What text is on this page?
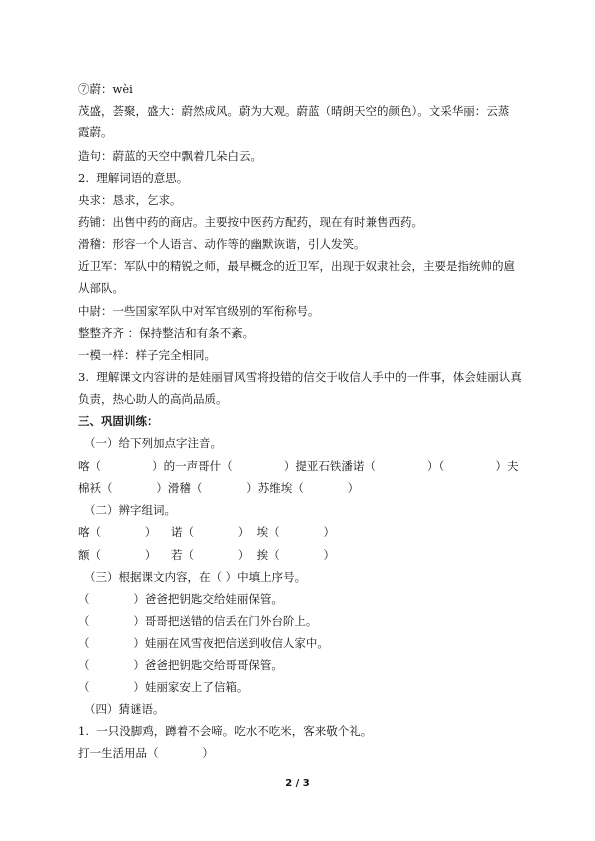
⑦蔚：wèi
茂盛，荟聚，盛大：蔚然成风。蔚为大观。蔚蓝（晴朗天空的颜色）。文采华丽：云蒸
霞蔚。
造句：蔚蓝的天空中飘着几朵白云。
2.  理解词语的意思。
央求：恳求，乞求。
药铺：出售中药的商店。主要按中医药方配药，现在有时兼售西药。
滑稽：形容一个人语言、动作等的幽默诙谐，引人发笑。
近卫军：军队中的精锐之师，最早概念的近卫军，出现于奴隶社会，主要是指统帅的扈
从部队。
中尉：一些国家军队中对军官级别的军衔称号。
整整齐齐 ：保持整洁和有条不紊。
一模一样：样子完全相同。
3.  理解课文内容讲的是娃丽冒风雪将投错的信交于收信人手中的一件事，体会娃丽认真
负责，热心助人的高尚品质。
三、巩固训练：
（一）给下列加点字注音。
喀（              ）的一声哥什（              ）提亚石铁潘诺（              ）（              ）夫
棉袄（            ）滑稽（            ）苏维埃（            ）
（二）辨字组词。
喀（            ）    诺（            ）  埃（            ）
额（            ）    若（            ）  挨（            ）
（三）根据课文内容，在（ ）中填上序号。
（            ）爸爸把钥匙交给娃丽保管。
（            ）哥哥把送错的信丢在门外台阶上。
（            ）娃丽在风雪夜把信送到收信人家中。
（            ）爸爸把钥匙交给哥哥保管。
（            ）娃丽家安上了信箱。
（四）猜谜语。
1.  一只没脚鸡，蹲着不会啼。吃水不吃米，客来敬个礼。
打一生活用品（            ）
2 / 3
